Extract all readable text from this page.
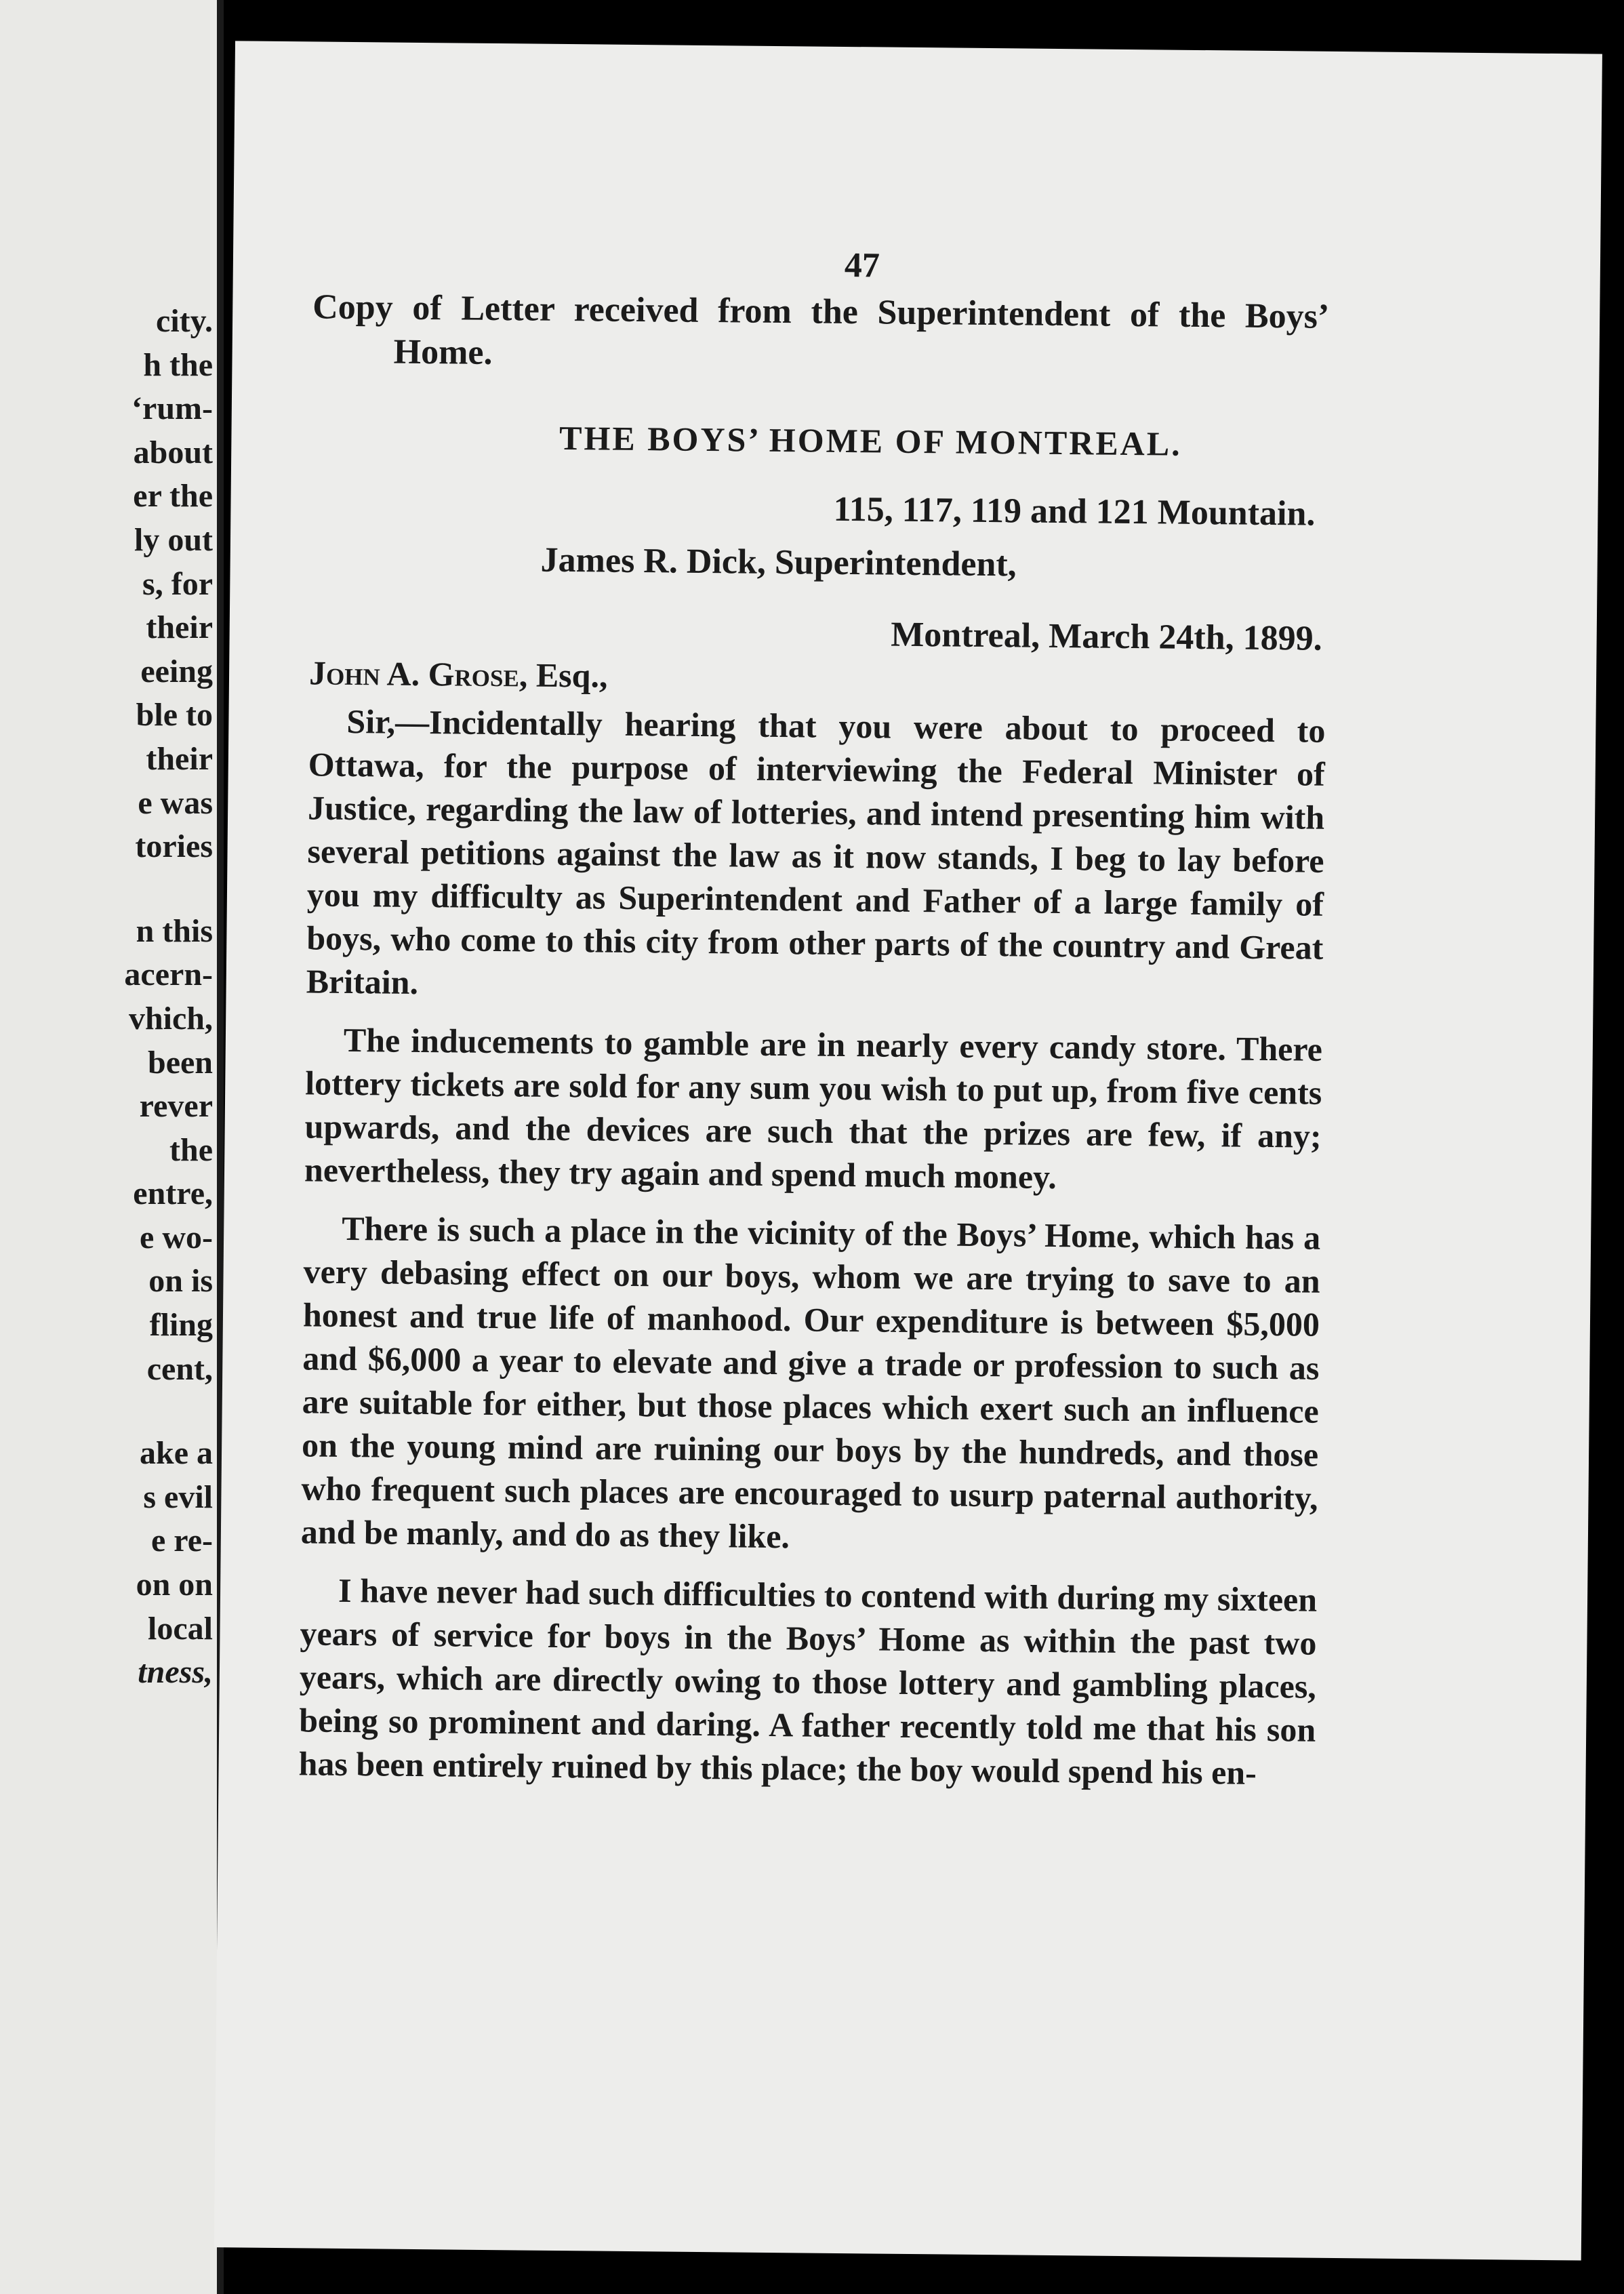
city.
h the
‘rum-
about
er the
ly out
s, for
their
eeing
ble to
their
e was
tories
n this
acern-
vhich,
been
rever
the
entre,
e wo-
on is
fling
cent,
ake a
s evil
e re-
on on
local
tness,
47
Copy of Letter received from the Superintendent of the Boys’ Home.
THE BOYS’ HOME OF MONTREAL.
115, 117, 119 and 121 Mountain.
James R. Dick, Superintendent,
Montreal, March 24th, 1899.
John A. Grose, Esq.,

Sir,—Incidentally hearing that you were about to proceed to Ottawa, for the purpose of interviewing the Federal Minister of Justice, regarding the law of lotteries, and intend presenting him with several petitions against the law as it now stands, I beg to lay before you my difficulty as Superintendent and Father of a large family of boys, who come to this city from other parts of the country and Great Britain.

The inducements to gamble are in nearly every candy store. There lottery tickets are sold for any sum you wish to put up, from five cents upwards, and the devices are such that the prizes are few, if any; nevertheless, they try again and spend much money.

There is such a place in the vicinity of the Boys’ Home, which has a very debasing effect on our boys, whom we are trying to save to an honest and true life of manhood. Our expenditure is between $5,000 and $6,000 a year to elevate and give a trade or profession to such as are suitable for either, but those places which exert such an influence on the young mind are ruining our boys by the hundreds, and those who frequent such places are encouraged to usurp paternal authority, and be manly, and do as they like.

I have never had such difficulties to contend with during my sixteen years of service for boys in the Boys’ Home as within the past two years, which are directly owing to those lottery and gambling places, being so prominent and daring. A father recently told me that his son has been entirely ruined by this place; the boy would spend his en-
